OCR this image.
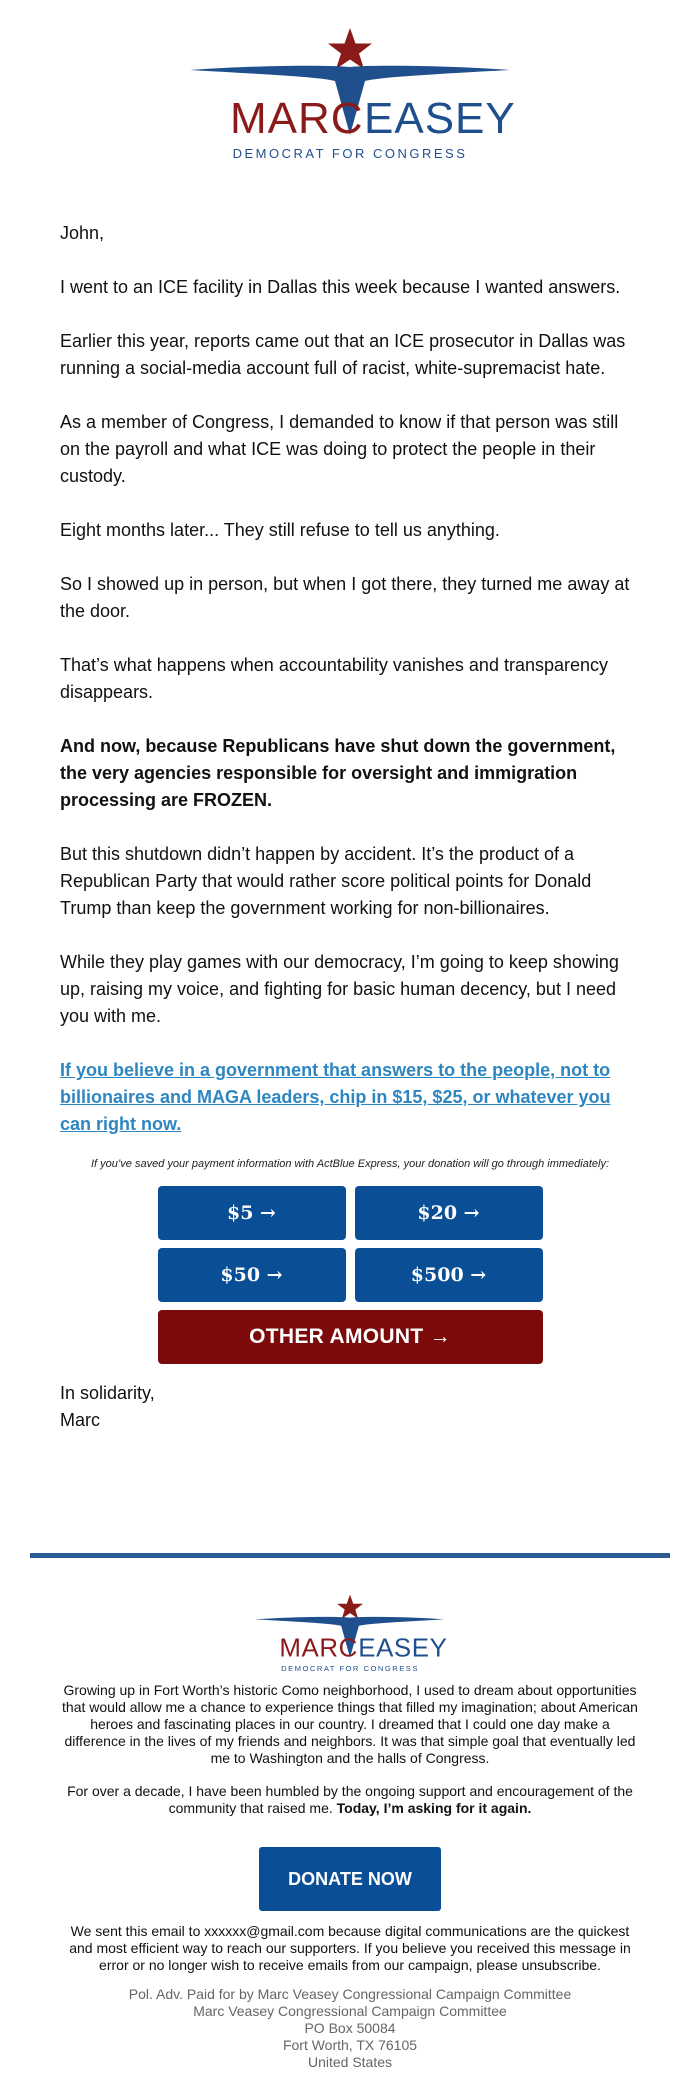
MARC EASEY
DEMOCRAT FOR CONGRESS

John,

I went to an ICE facility in Dallas this week because I wanted answers.

Earlier this year, reports came out that an ICE prosecutor in Dallas was running a social-media account full of racist, white-supremacist hate.

As a member of Congress, I demanded to know if that person was still on the payroll and what ICE was doing to protect the people in their custody.

Eight months later... They still refuse to tell us anything.

So I showed up in person, but when I got there, they turned me away at the door.

That’s what happens when accountability vanishes and transparency disappears.

And now, because Republicans have shut down the government, the very agencies responsible for oversight and immigration processing are FROZEN.

But this shutdown didn’t happen by accident. It’s the product of a Republican Party that would rather score political points for Donald Trump than keep the government working for non-billionaires.

While they play games with our democracy, I’m going to keep showing up, raising my voice, and fighting for basic human decency, but I need you with me.

If you believe in a government that answers to the people, not to billionaires and MAGA leaders, chip in $15, $25, or whatever you can right now.

If you’ve saved your payment information with ActBlue Express, your donation will go through immediately:

$5 →	$20 →
$50 →	$500 →
OTHER AMOUNT →
In solidarity,
Marc
MARC EASEY
DEMOCRAT FOR CONGRESS

Growing up in Fort Worth’s historic Como neighborhood, I used to dream about opportunities that would allow me a chance to experience things that filled my imagination; about American heroes and fascinating places in our country. I dreamed that I could one day make a difference in the lives of my friends and neighbors. It was that simple goal that eventually led me to Washington and the halls of Congress.

For over a decade, I have been humbled by the ongoing support and encouragement of the community that raised me. Today, I’m asking for it again.

DONATE NOW

We sent this email to xxxxxx@gmail.com because digital communications are the quickest and most efficient way to reach our supporters. If you believe you received this message in error or no longer wish to receive emails from our campaign, please unsubscribe.

Pol. Adv. Paid for by Marc Veasey Congressional Campaign Committee
Marc Veasey Congressional Campaign Committee
PO Box 50084
Fort Worth, TX 76105
United States
